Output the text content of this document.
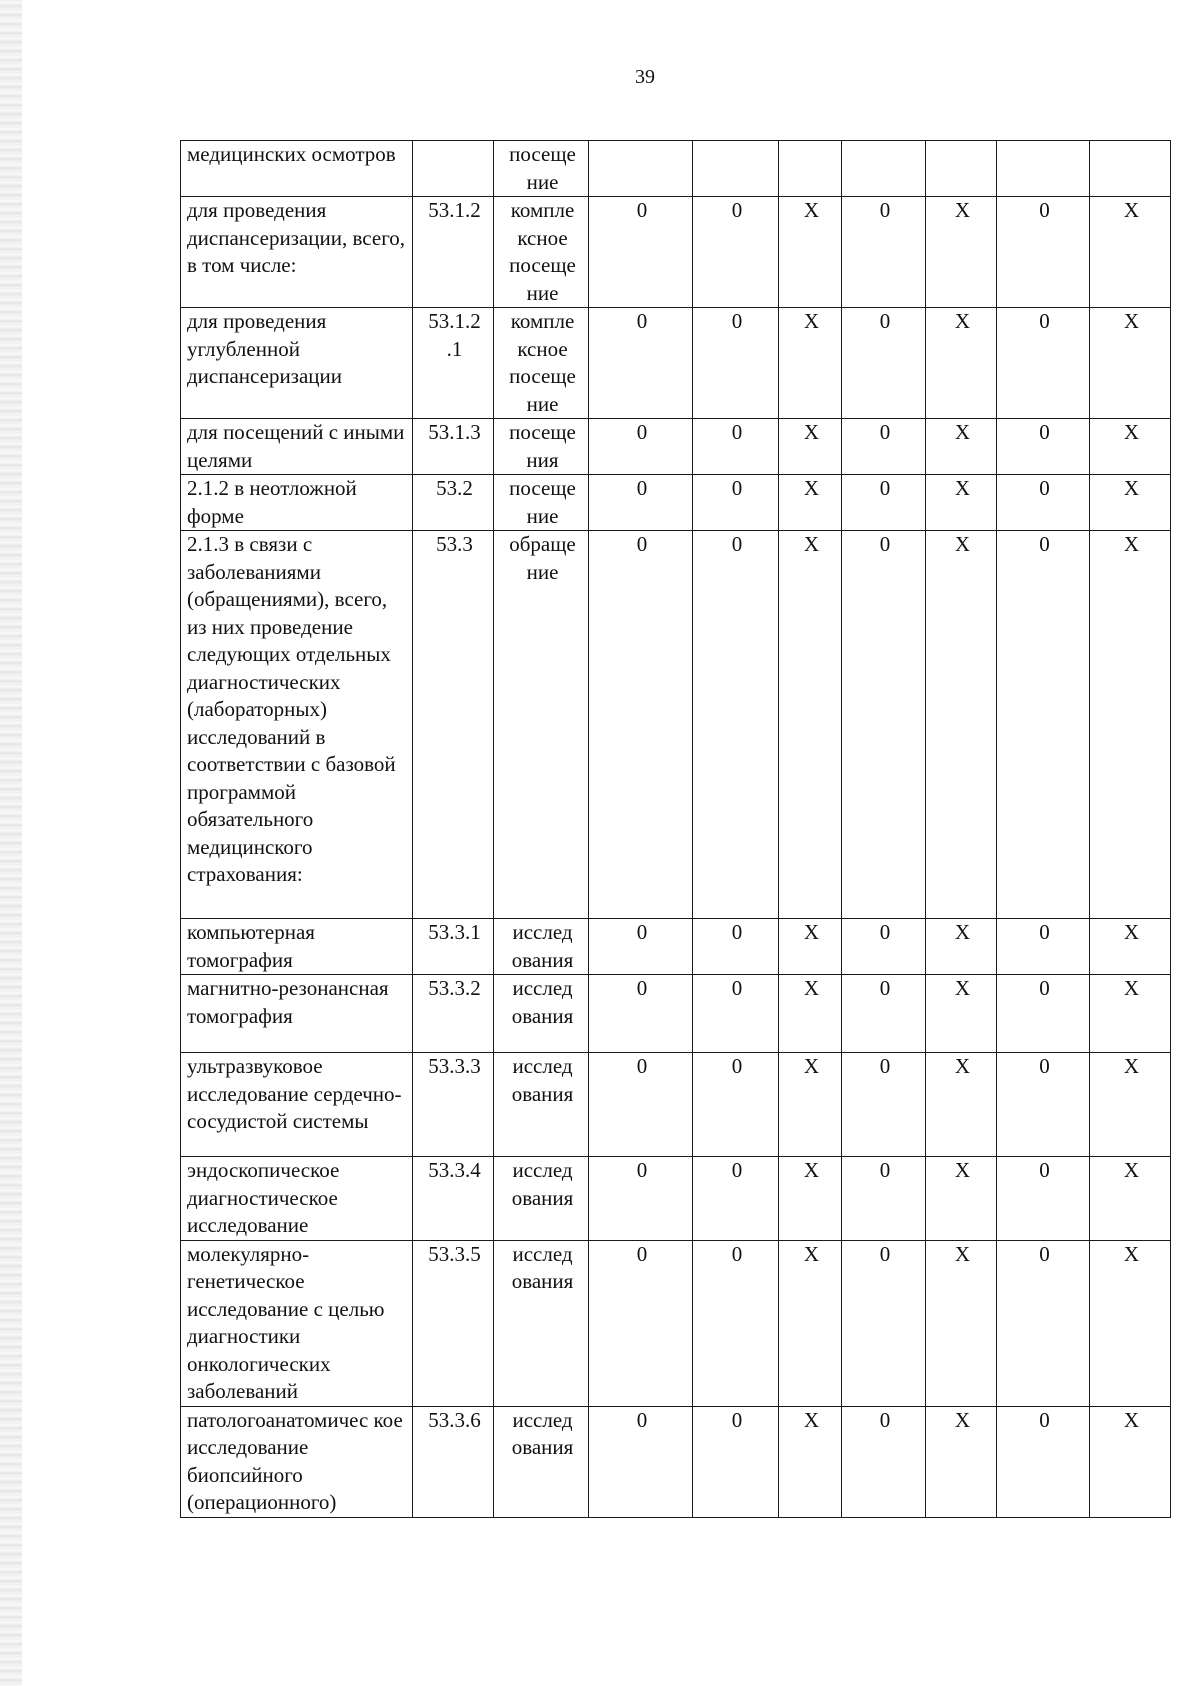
39
медицинских осмотров		посеще ние							
для проведения диспансеризации, всего, в том числе:	53.1.2	компле ксное посеще ние	0	0	X	0	X	0	X
для проведения углубленной диспансеризации	53.1.2 .1	компле ксное посеще ние	0	0	X	0	X	0	X
для посещений с иными целями	53.1.3	посеще ния	0	0	X	0	X	0	X
2.1.2 в неотложной форме	53.2	посеще ние	0	0	X	0	X	0	X
2.1.3 в связи с заболеваниями (обращениями), всего, из них проведение следующих отдельных диагностических (лабораторных) исследований в соответствии с базовой программой обязательного медицинского страхования:	53.3	обраще ние	0	0	X	0	X	0	X
компьютерная томография	53.3.1	исслед ования	0	0	X	0	X	0	X
магнитно-резонансная томография	53.3.2	исслед ования	0	0	X	0	X	0	X
ультразвуковое исследование сердечно-сосудистой системы	53.3.3	исслед ования	0	0	X	0	X	0	X
эндоскопическое диагностическое исследование	53.3.4	исслед ования	0	0	X	0	X	0	X
молекулярно-генетическое исследование с целью диагностики онкологических заболеваний	53.3.5	исслед ования	0	0	X	0	X	0	X
патологоанатомичес кое исследование биопсийного (операционного)	53.3.6	исслед ования	0	0	X	0	X	0	X
